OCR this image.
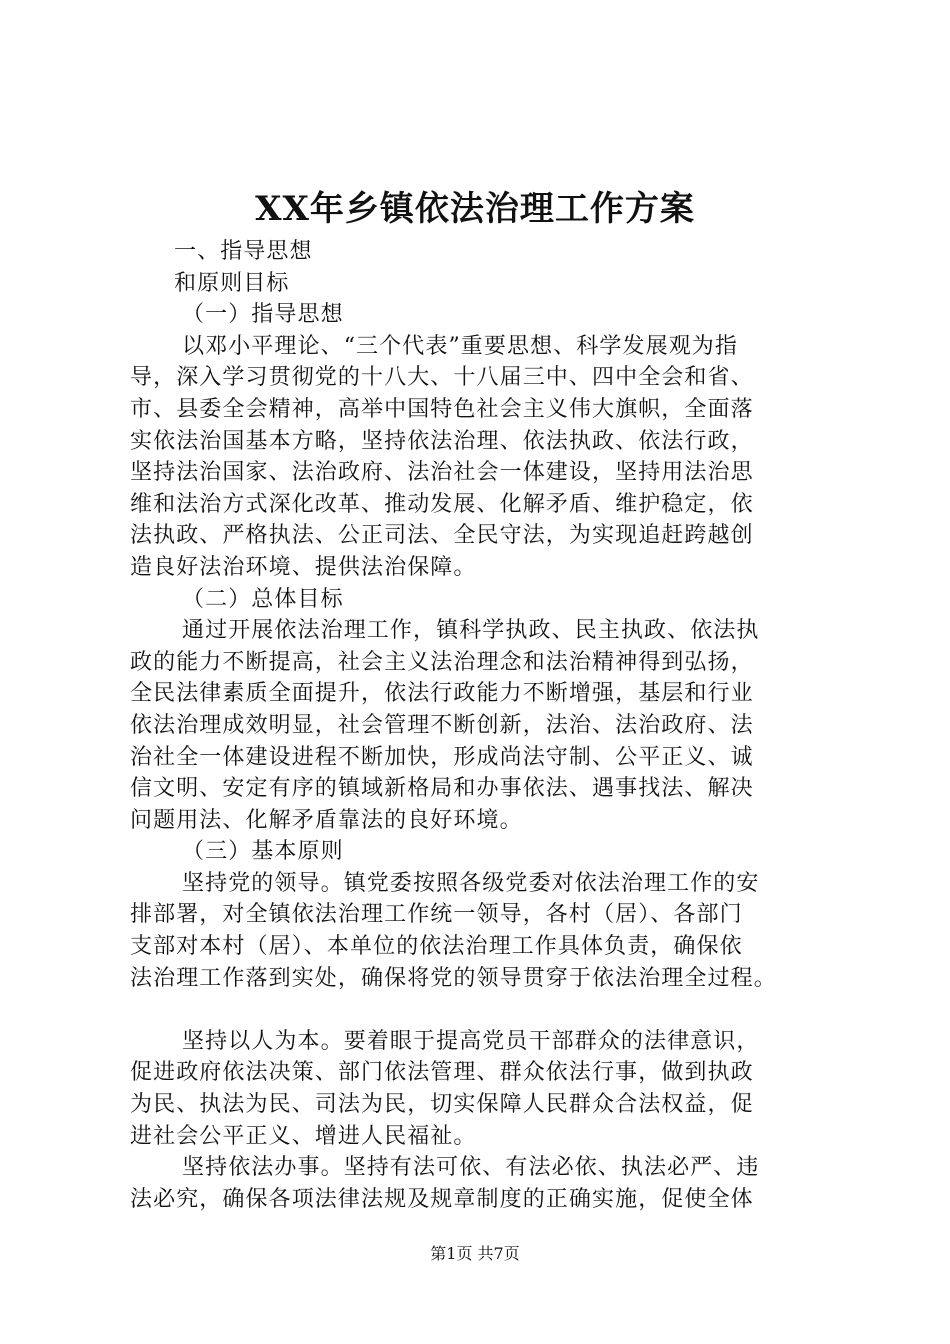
XX年乡镇依法治理工作方案
一、指导思想
和原则目标
（一）指导思想
以邓小平理论、“三个代表”重要思想、科学发展观为指
导，深入学习贯彻党的十八大、十八届三中、四中全会和省、
市、县委全会精神，高举中国特色社会主义伟大旗帜，全面落
实依法治国基本方略，坚持依法治理、依法执政、依法行政，
坚持法治国家、法治政府、法治社会一体建设，坚持用法治思
维和法治方式深化改革、推动发展、化解矛盾、维护稳定，依
法执政、严格执法、公正司法、全民守法，为实现追赶跨越创
造良好法治环境、提供法治保障。
（二）总体目标
通过开展依法治理工作，镇科学执政、民主执政、依法执
政的能力不断提高，社会主义法治理念和法治精神得到弘扬，
全民法律素质全面提升，依法行政能力不断增强，基层和行业
依法治理成效明显，社会管理不断创新，法治、法治政府、法
治社全一体建设进程不断加快，形成尚法守制、公平正义、诚
信文明、安定有序的镇域新格局和办事依法、遇事找法、解决
问题用法、化解矛盾靠法的良好环境。
（三）基本原则
坚持党的领导。镇党委按照各级党委对依法治理工作的安
排部署，对全镇依法治理工作统一领导，各村（居）、各部门
支部对本村（居）、本单位的依法治理工作具体负责，确保依
法治理工作落到实处，确保将党的领导贯穿于依法治理全过程。
坚持以人为本。要着眼于提高党员干部群众的法律意识，
促进政府依法决策、部门依法管理、群众依法行事，做到执政
为民、执法为民、司法为民，切实保障人民群众合法权益，促
进社会公平正义、增进人民福祉。
坚持依法办事。坚持有法可依、有法必依、执法必严、违
法必究，确保各项法律法规及规章制度的正确实施，促使全体
第1页 共7页
